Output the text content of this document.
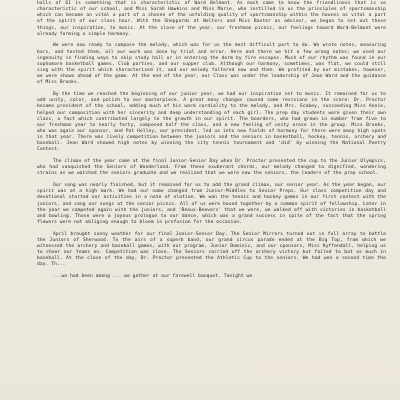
halls of 61 is something that is characteristic of Ward Belmont. As each came to know the friendliness that is so characteristic of our school, and Miss Sarah Hawkins and Miss Marie, who instilled in us the principles of sportsmanship which can become an vital a part of a chosen of the unfolding quality of sportsmanship within the houses as vital a part of the spirit of our class hour. With the Sheppards at Wolters and Miss Baxter as advisor, we began to set out these things, our inspiration, to music. At the close of the year, our freshman picnic, our feelings toward Ward-Belmont were already forming a simple harmony.

We were now ready to compose the melody, which was for us the most difficult part to do. We wrote notes, measuring bars, and tested them, all our work was done by trial and error. Here and there we hit a few wrong notes; we used our ingenuity in finding ways to skip study hall or in entering the dorm by fire escapes. Much of our rhythm was found in our sophomore basketball games, Club parties, and our supper club. Although our harmony, sometimes, was flat, we could still sing with the spirit which characterized it, and our melody faltered now and then. We profited by our mistakes, however, we were shown ahead of the game. At the end of the year, our Class was under the leadership of Jean Ward and the guidance of Miss Brooks.

By the time we reached the beginning of our junior year, we had our inspiration set to music. It remained for us to add unity, color, and polish to our masterpiece. A great many changes caused some revisions in the score: Dr. Proctor became president of the school, adding much of his warm cordiality to the melody, and Mrs. Scobey, succeeding Miss Annie, helped our composition with her sincerity and deep understanding of each girl. The prep day students were given their own class, a fact which contributed largely to the growth in our spirit. The boarders, who had grown in number from five to our freshman year to nearly forty, composed half the class, and a new feeling of unity arose in the group. Miss Brooks, who was again our sponsor, and Pat Holley, our president, led us into new fields of harmony for there were many high spots in that year. There was lively competition between the juniors and the seniors in basketball, hockey, tennis, archery and baseball. Jean Ward showed high notes by winning the city tennis tournament and 'did' by winning the National Poetry Contest.

The climax of the year came at the final Junior-Senior Day when Dr. Proctor presented the cup to the Junior Olympics, who had vanquished the Seniors of Wonderland. From these exuberant chords, our melody changed to dignified, wondering strains as we watched the seniors graduate and we realized that we were now the seniors, the leaders of the prep school.

Our song was nearly finished, but it remained for us to add the grand climax, our senior year. As the year began, our spirit was at a high mark. We had our name changed from Junior-Middles to Senior Preps. Our class competition day and devotional started our activities in a note of elation. We won the tennis and hockey games in our first contest with the juniors, and sang our songs at the senior picnic. All of us were bound together by a common spirit of fellowship. Later in the year we competed again with the juniors, and 'Beaux-Beavers' that we were, we walked off with victories in basketball and bowling. Those were a joyous prologue to our dance, which was a grand success in spite of the fact that the spring flowers were not obliging enough to bloom in profusion for the occasion.

April brought sunny weather for our final Junior-Senior Day. The Senior Mirrors turned out in full array to battle the Juniors of Sherwood. To the airs of a superb band, our grand circus parade ended at the Big Top, from which we witnessed the archery and baseball games, with our program, Junior Dominic, and our sponsors, Miss Kyffendall, helping us to cheer our teams on. Competition was close. The Seniors carried off the archery victory but failed to bat as much in baseball. At the close of the day, Dr. Proctor presented the Athletic Cup to the seniors. We had won a second time the day. Th...

...we had been among ... we gather at our farewell banquet. Tonight we
